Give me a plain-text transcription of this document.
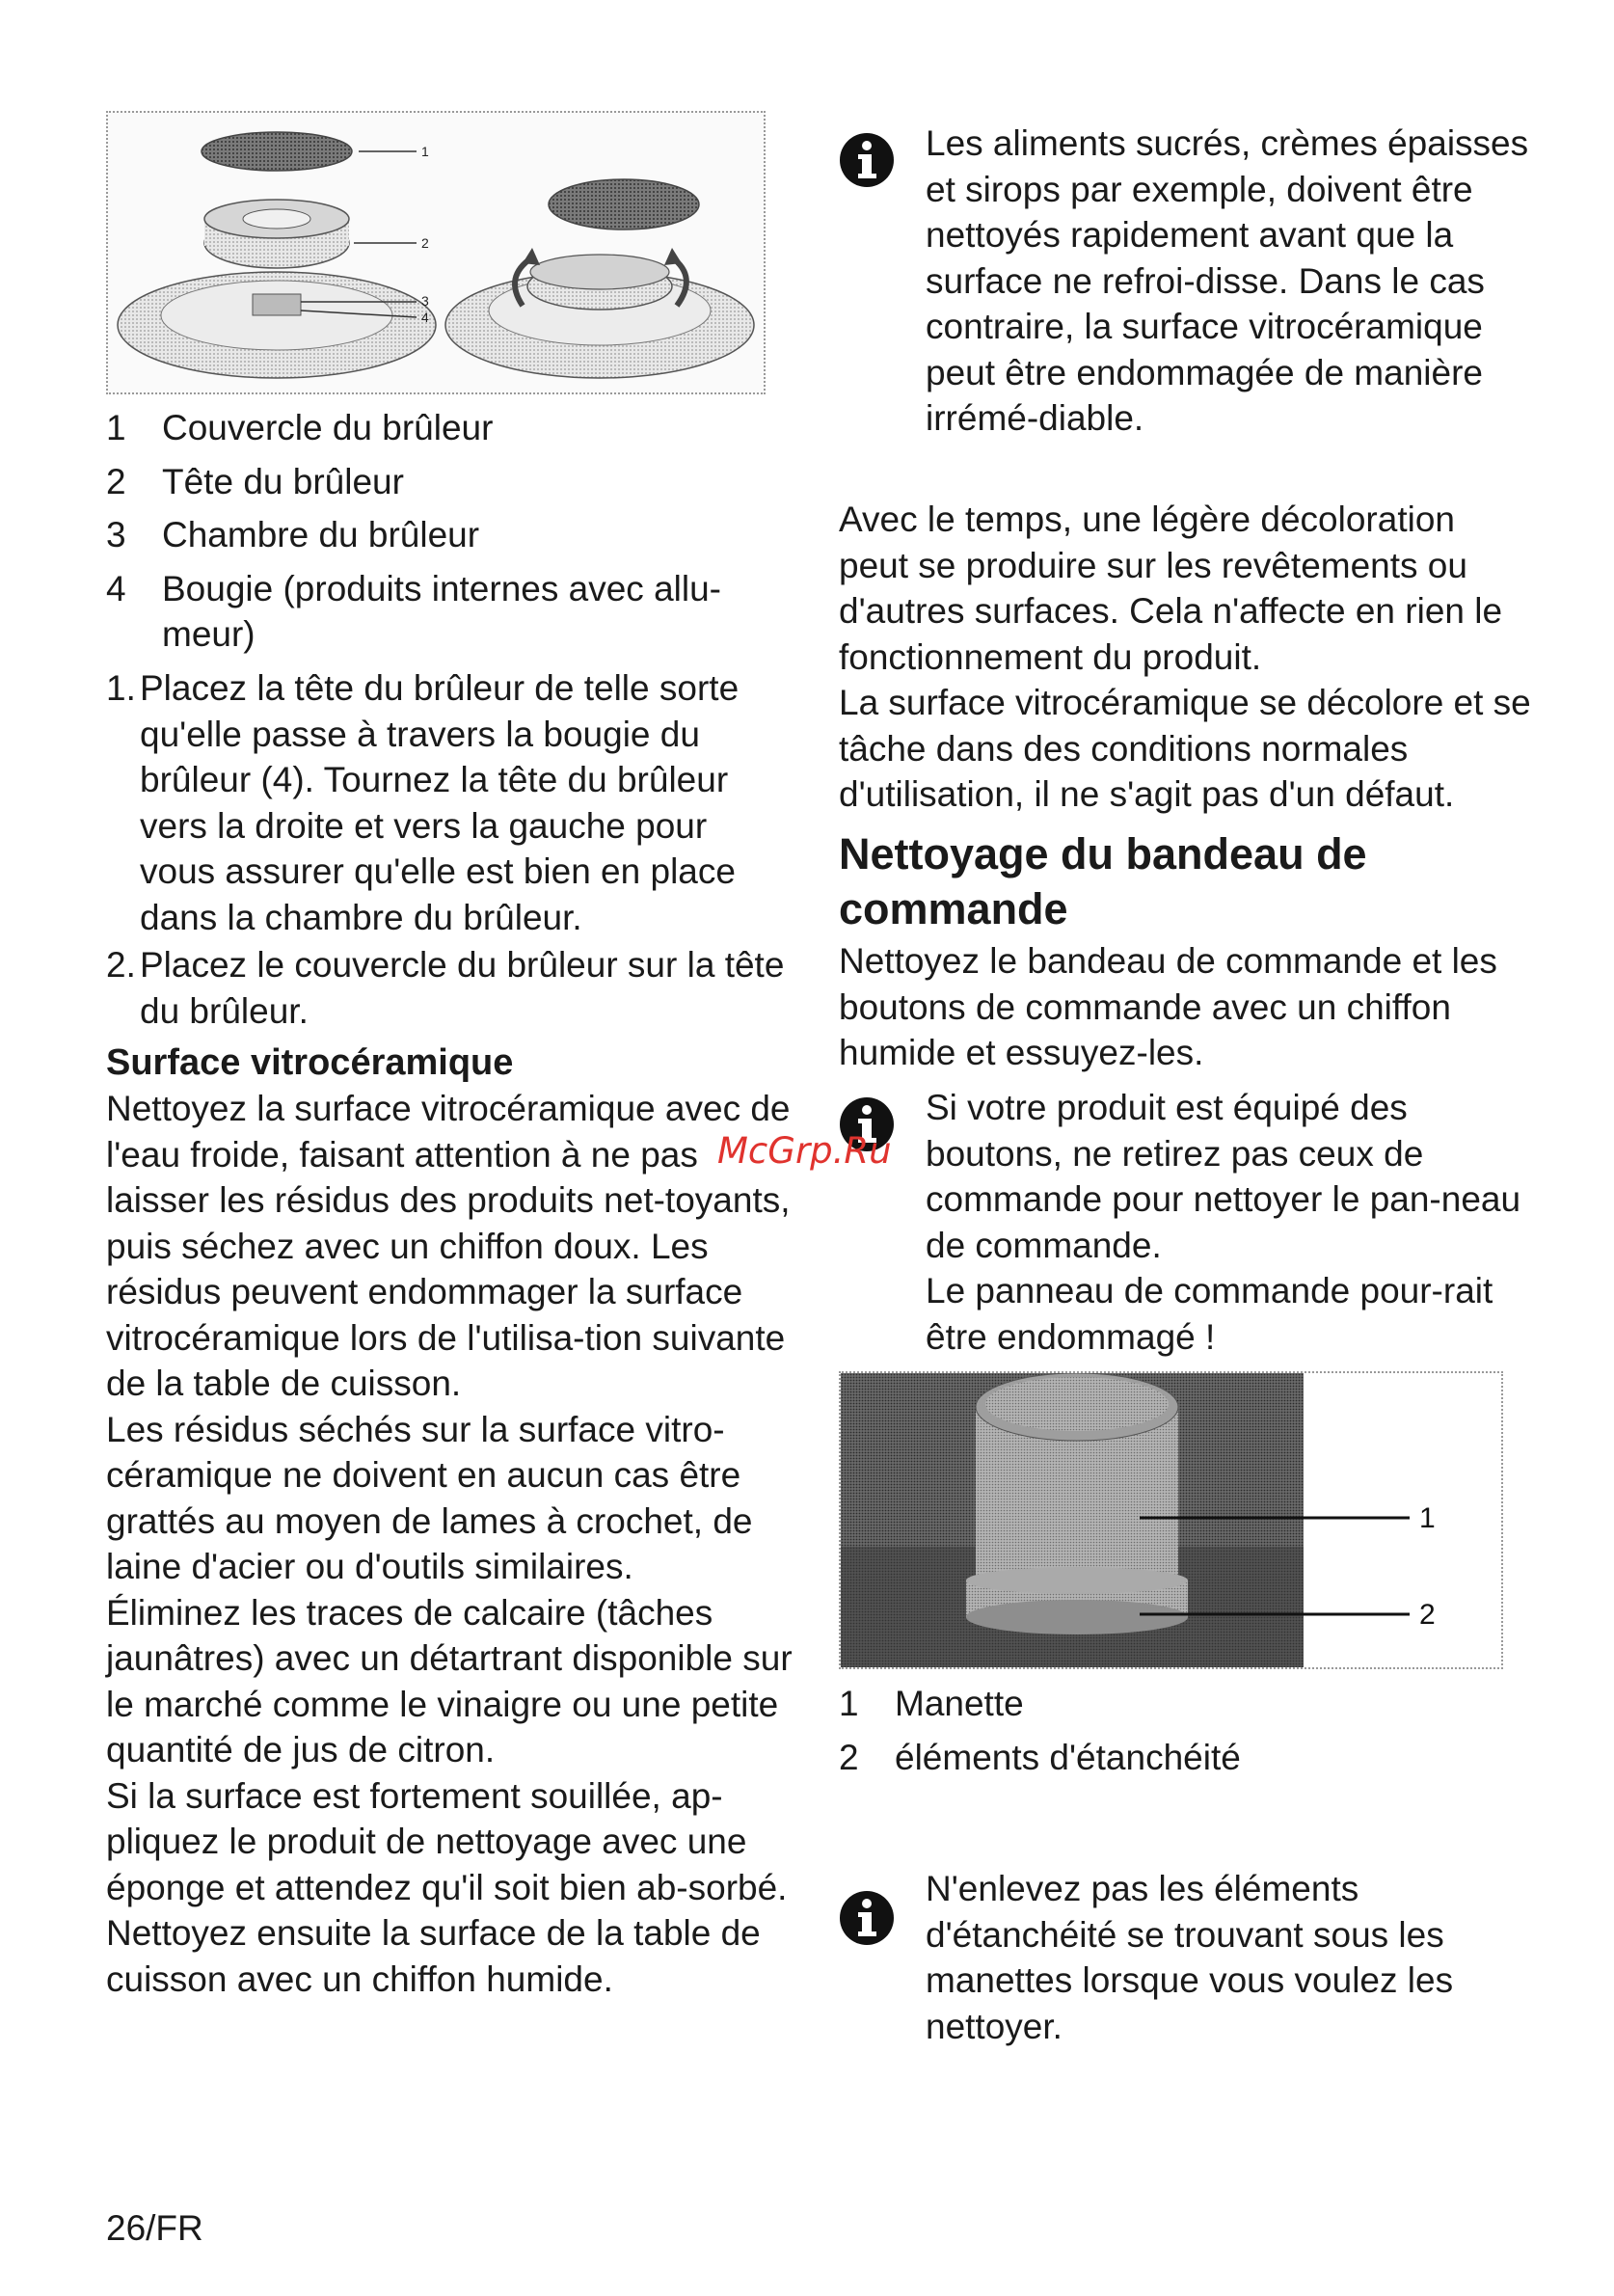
1
2
3
4
1	Couvercle du brûleur
2	Tête du brûleur
3	Chambre du brûleur
4	Bougie (produits internes avec allu-
meur)
1. Placez la tête du brûleur de telle sorte qu'elle passe à travers la bougie du brûleur (4). Tournez la tête du brûleur vers la droite et vers la gauche pour vous assurer qu'elle est bien en place dans la chambre du brûleur.
2. Placez le couvercle du brûleur sur la tête du brûleur.
Surface vitrocéramique

Nettoyez la surface vitrocéramique avec de l'eau froide, faisant attention à ne pas laisser les résidus des produits net-toyants, puis séchez avec un chiffon doux. Les résidus peuvent endommager la surface vitrocéramique lors de l'utilisa-tion suivante de la table de cuisson.

Les résidus séchés sur la surface vitro-céramique ne doivent en aucun cas être grattés au moyen de lames à crochet, de laine d'acier ou d'outils similaires.

Éliminez les traces de calcaire (tâches jaunâtres) avec un détartrant disponible sur le marché comme le vinaigre ou une petite quantité de jus de citron.

Si la surface est fortement souillée, ap-pliquez le produit de nettoyage avec une éponge et attendez qu'il soit bien ab-sorbé. Nettoyez ensuite la surface de la table de cuisson avec un chiffon humide.

Les aliments sucrés, crèmes épaisses et sirops par exemple, doivent être nettoyés rapidement avant que la surface ne refroi-disse. Dans le cas contraire, la surface vitrocéramique peut être endommagée de manière irrémé-diable.

Avec le temps, une légère décoloration peut se produire sur les revêtements ou d'autres surfaces. Cela n'affecte en rien le fonctionnement du produit.

La surface vitrocéramique se décolore et se tâche dans des conditions normales d'utilisation, il ne s'agit pas d'un défaut.

Nettoyage du bandeau de commande

Nettoyez le bandeau de commande et les boutons de commande avec un chiffon humide et essuyez-les.

Si votre produit est équipé des boutons, ne retirez pas ceux de commande pour nettoyer le pan-neau de commande.

Le panneau de commande pour-rait être endommagé !

1
2
1	Manette
2	éléments d'étanchéité
N'enlevez pas les éléments d'étanchéité se trouvant sous les manettes lorsque vous voulez les nettoyer.
McGrp.Ru
26/FR
